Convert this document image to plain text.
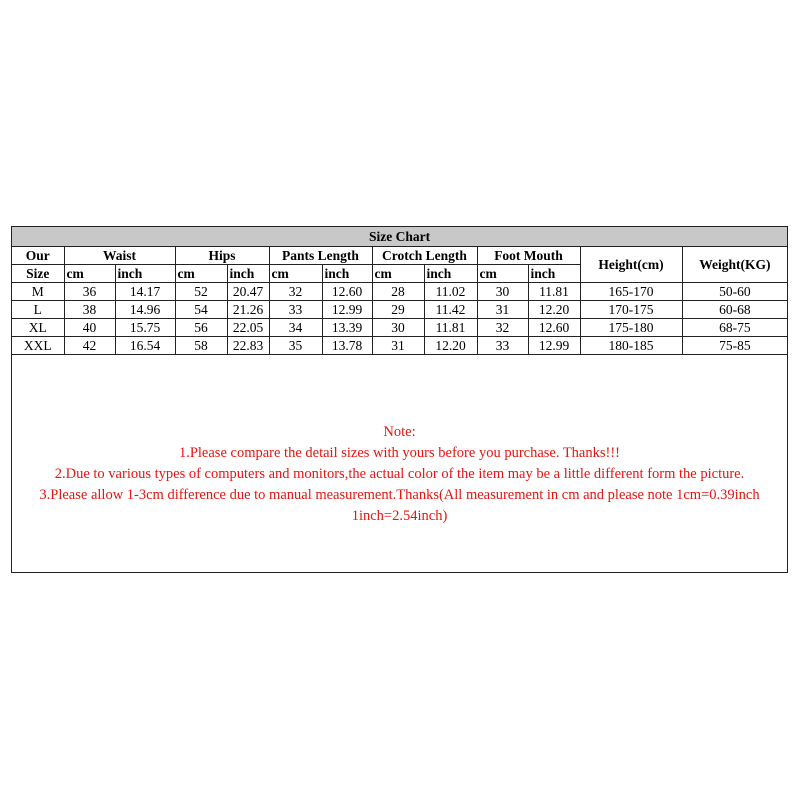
Size Chart												
Our	Waist		Hips		Pants Length		Crotch Length		Foot Mouth		Height(cm)	Weight(KG)
Size	cm	inch	cm	inch	cm	inch	cm	inch	cm	inch		
M	36	14.17	52	20.47	32	12.60	28	11.02	30	11.81	165-170	50-60
L	38	14.96	54	21.26	33	12.99	29	11.42	31	12.20	170-175	60-68
XL	40	15.75	56	22.05	34	13.39	30	11.81	32	12.60	175-180	68-75
XXL	42	16.54	58	22.83	35	13.78	31	12.20	33	12.99	180-185	75-85
Note:
1.Please compare the detail sizes with yours before you purchase. Thanks!!!
2.Due to various types of computers and monitors,the actual color of the item may be a little different form the picture.
3.Please allow 1-3cm difference due to manual measurement.Thanks(All measurement in cm and please note 1cm=0.39inch
1inch=2.54inch)
